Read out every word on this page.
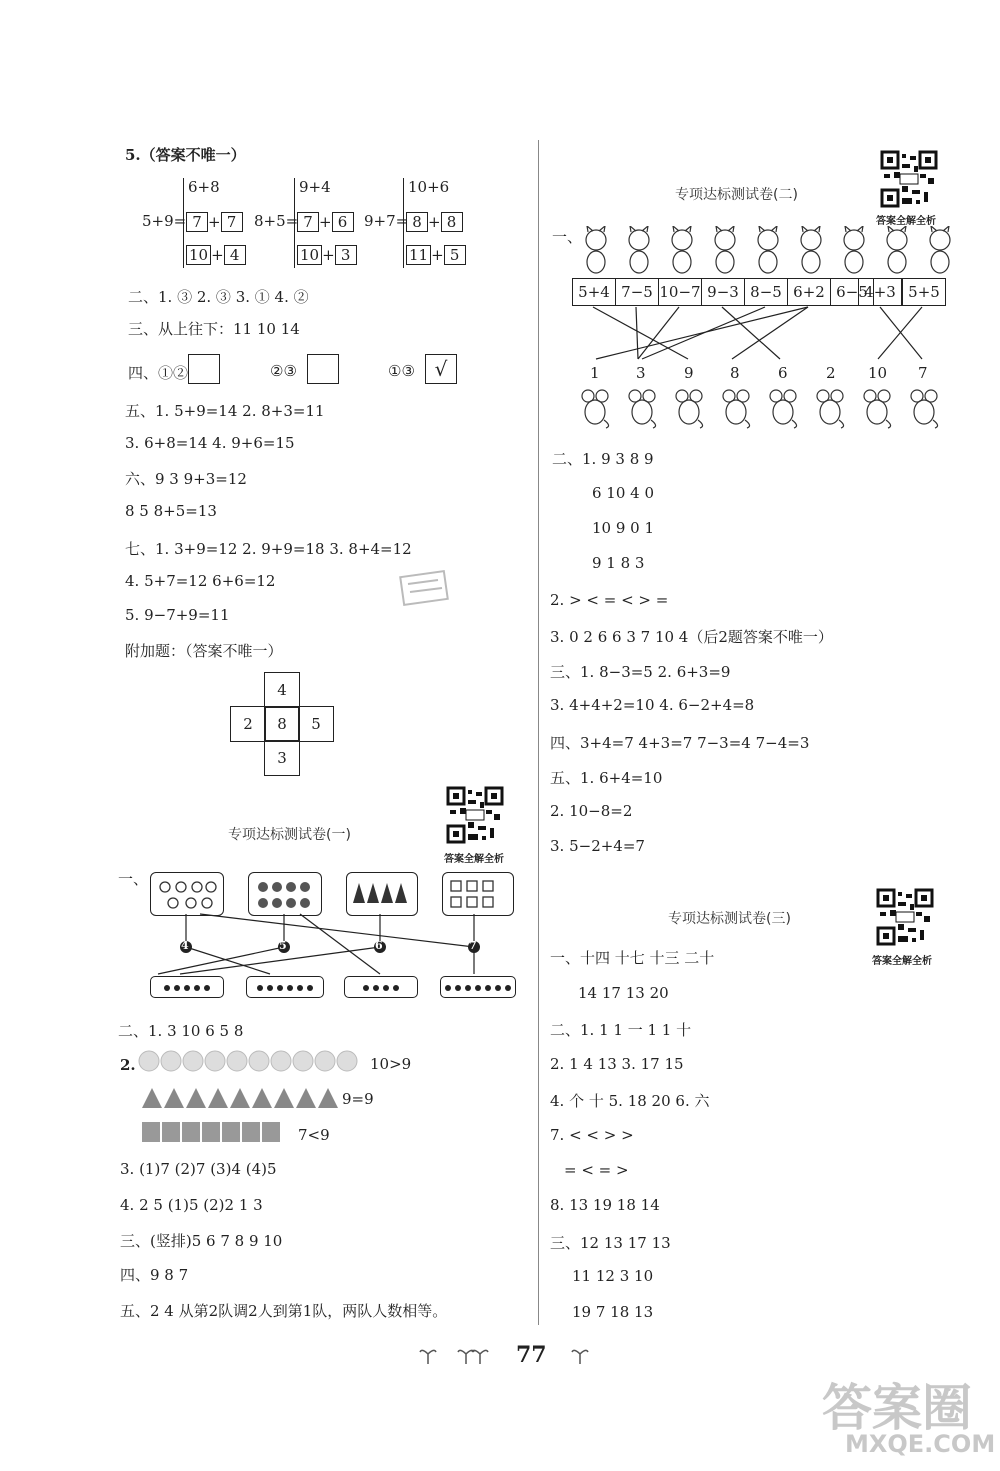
5.（答案不唯一）
5+9=
6+8
7 + 7
10 + 4
8+5=
9+4
7 + 6
10 + 3
9+7=
10+6
8 + 8
11 + 5
二、1. ③ 2. ③ 3. ① 4. ②
三、从上往下：11 10 14
四、①②	②③	①③ √
五、1. 5+9=14 2. 8+3=11
3. 6+8=14 4. 9+6=15
六、9 3 9+3=12
8 5 8+5=13
七、1. 3+9=12 2. 9+9=18 3. 8+4=12
4. 5+7=12 6+6=12
5. 9−7+9=11
附加题：（答案不唯一）
4
2	8	5
3
答案全解全析
专项达标测试卷(一)
一、
4	5	6	7
二、1. 3 10 6 5 8
2.	10>9
9=9
7<9
3. (1)7 (2)7 (3)4 (4)5
4. 2 5 (1)5 (2)2 1 3
三、(竖排)5 6 7 8 9 10
四、9 8 7
五、2 4 从第2队调2人到第1队，两队人数相等。
答案全解全析
专项达标测试卷(二)
一、
5+4 7−5 10−7 9−3 8−5 6+2 6−5
4+3 5+5
1 3	9 8	6	2 10 7
二、1. 9 3 8 9
6 10 4 0
10 9 0 1
9 1 8 3
2. > < = < > =
3. 0 2 6 6 3 7 10 4（后2题答案不唯一）
三、1. 8−3=5 2. 6+3=9
3. 4+4+2=10 4. 6−2+4=8
四、3+4=7 4+3=7 7−3=4 7−4=3
五、1. 6+4=10
2. 10−8=2
3. 5−2+4=7
答案全解全析
专项达标测试卷(三)
一、十四 十七 十三 二十
14 17 13 20
二、1. 1 1 一 1 1 十
2. 1 4 13 3. 17 15
4. 个 十 5. 18 20 6. 六
7. < < > >
= < = >
8. 13 19 18 14
三、12 13 17 13
11 12 3 10
19 7 18 13
77
答案圈
MXQE.COM
